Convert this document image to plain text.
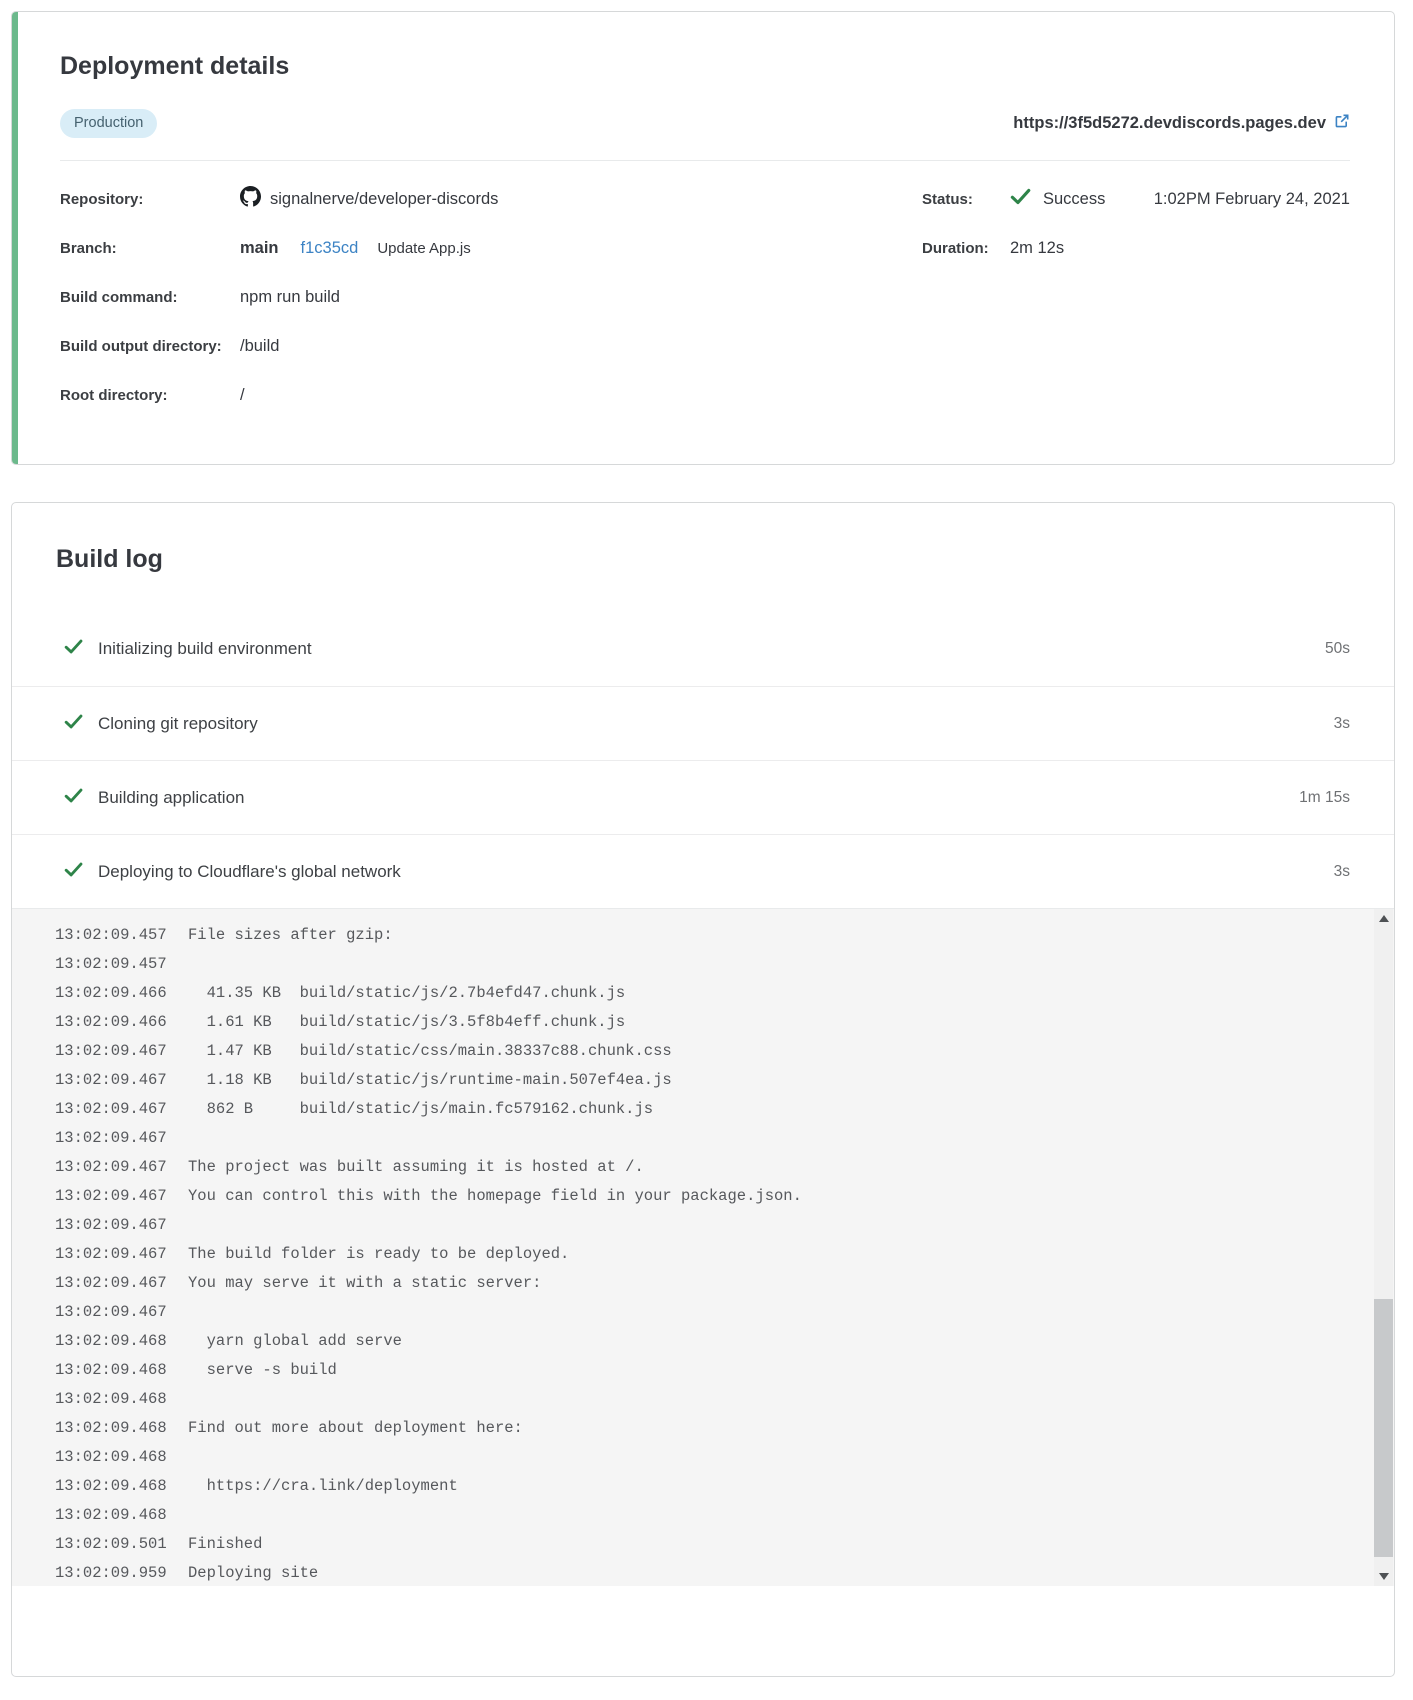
Deployment details
Production	https://3f5d5272.devdiscords.pages.dev
Repository:	signalnerve/developer-discords
Branch:	main f1c35cd Update App.js
Build command:	npm run build
Build output directory:	/build
Root directory:	/
Status:	Success	1:02PM February 24, 2021
Duration:	2m 12s
Build log
Initializing build environment	50s
Cloning git repository	3s
Building application	1m 15s
Deploying to Cloudflare's global network	3s
13:02:09.457 File sizes after gzip:
13:02:09.457
13:02:09.466  41.35 KB  build/static/js/2.7b4efd47.chunk.js
13:02:09.466  1.61 KB   build/static/js/3.5f8b4eff.chunk.js
13:02:09.467  1.47 KB   build/static/css/main.38337c88.chunk.css
13:02:09.467  1.18 KB   build/static/js/runtime-main.507ef4ea.js
13:02:09.467  862 B     build/static/js/main.fc579162.chunk.js
13:02:09.467
13:02:09.467 The project was built assuming it is hosted at /.
13:02:09.467 You can control this with the homepage field in your package.json.
13:02:09.467
13:02:09.467 The build folder is ready to be deployed.
13:02:09.467 You may serve it with a static server:
13:02:09.467
13:02:09.468  yarn global add serve
13:02:09.468  serve -s build
13:02:09.468
13:02:09.468 Find out more about deployment here:
13:02:09.468
13:02:09.468  https://cra.link/deployment
13:02:09.468
13:02:09.501 Finished
13:02:09.959 Deploying site
